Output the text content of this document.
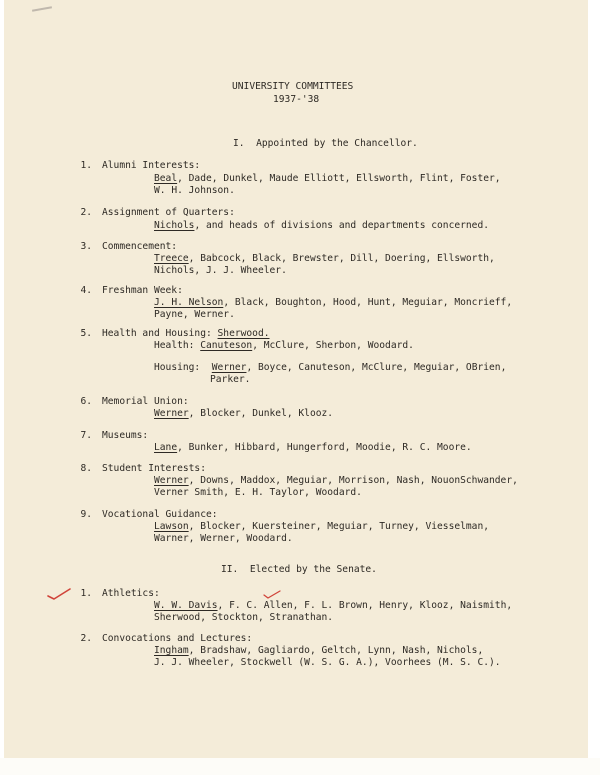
UNIVERSITY COMMITTEES
1937-'38
I.  Appointed by the Chancellor.

1.

Alumni Interests:

Beal, Dade, Dunkel, Maude Elliott, Ellsworth, Flint, Foster,

W. H. Johnson.

2.

Assignment of Quarters:

Nichols, and heads of divisions and departments concerned.

3.

Commencement:

Treece, Babcock, Black, Brewster, Dill, Doering, Ellsworth,

Nichols, J. J. Wheeler.

4.

Freshman Week:

J. H. Nelson, Black, Boughton, Hood, Hunt, Meguiar, Moncrieff,

Payne, Werner.

5.

Health and Housing: Sherwood.

Health: Canuteson, McClure, Sherbon, Woodard.

Housing: Werner, Boyce, Canuteson, McClure, Meguiar, OBrien,

Parker.

6.

Memorial Union:

Werner, Blocker, Dunkel, Klooz.

7.

Museums:

Lane, Bunker, Hibbard, Hungerford, Moodie, R. C. Moore.

8.

Student Interests:

Werner, Downs, Maddox, Meguiar, Morrison, Nash, NouonSchwander,

Verner Smith, E. H. Taylor, Woodard.

9.

Vocational Guidance:

Lawson, Blocker, Kuersteiner, Meguiar, Turney, Viesselman,

Warner, Werner, Woodard.

II.  Elected by the Senate.

1.

Athletics:

W. W. Davis, F. C. Allen, F. L. Brown, Henry, Klooz, Naismith,

Sherwood, Stockton, Stranathan.

2.

Convocations and Lectures:

Ingham, Bradshaw, Gagliardo, Geltch, Lynn, Nash, Nichols,

J. J. Wheeler, Stockwell (W. S. G. A.), Voorhees (M. S. C.).
